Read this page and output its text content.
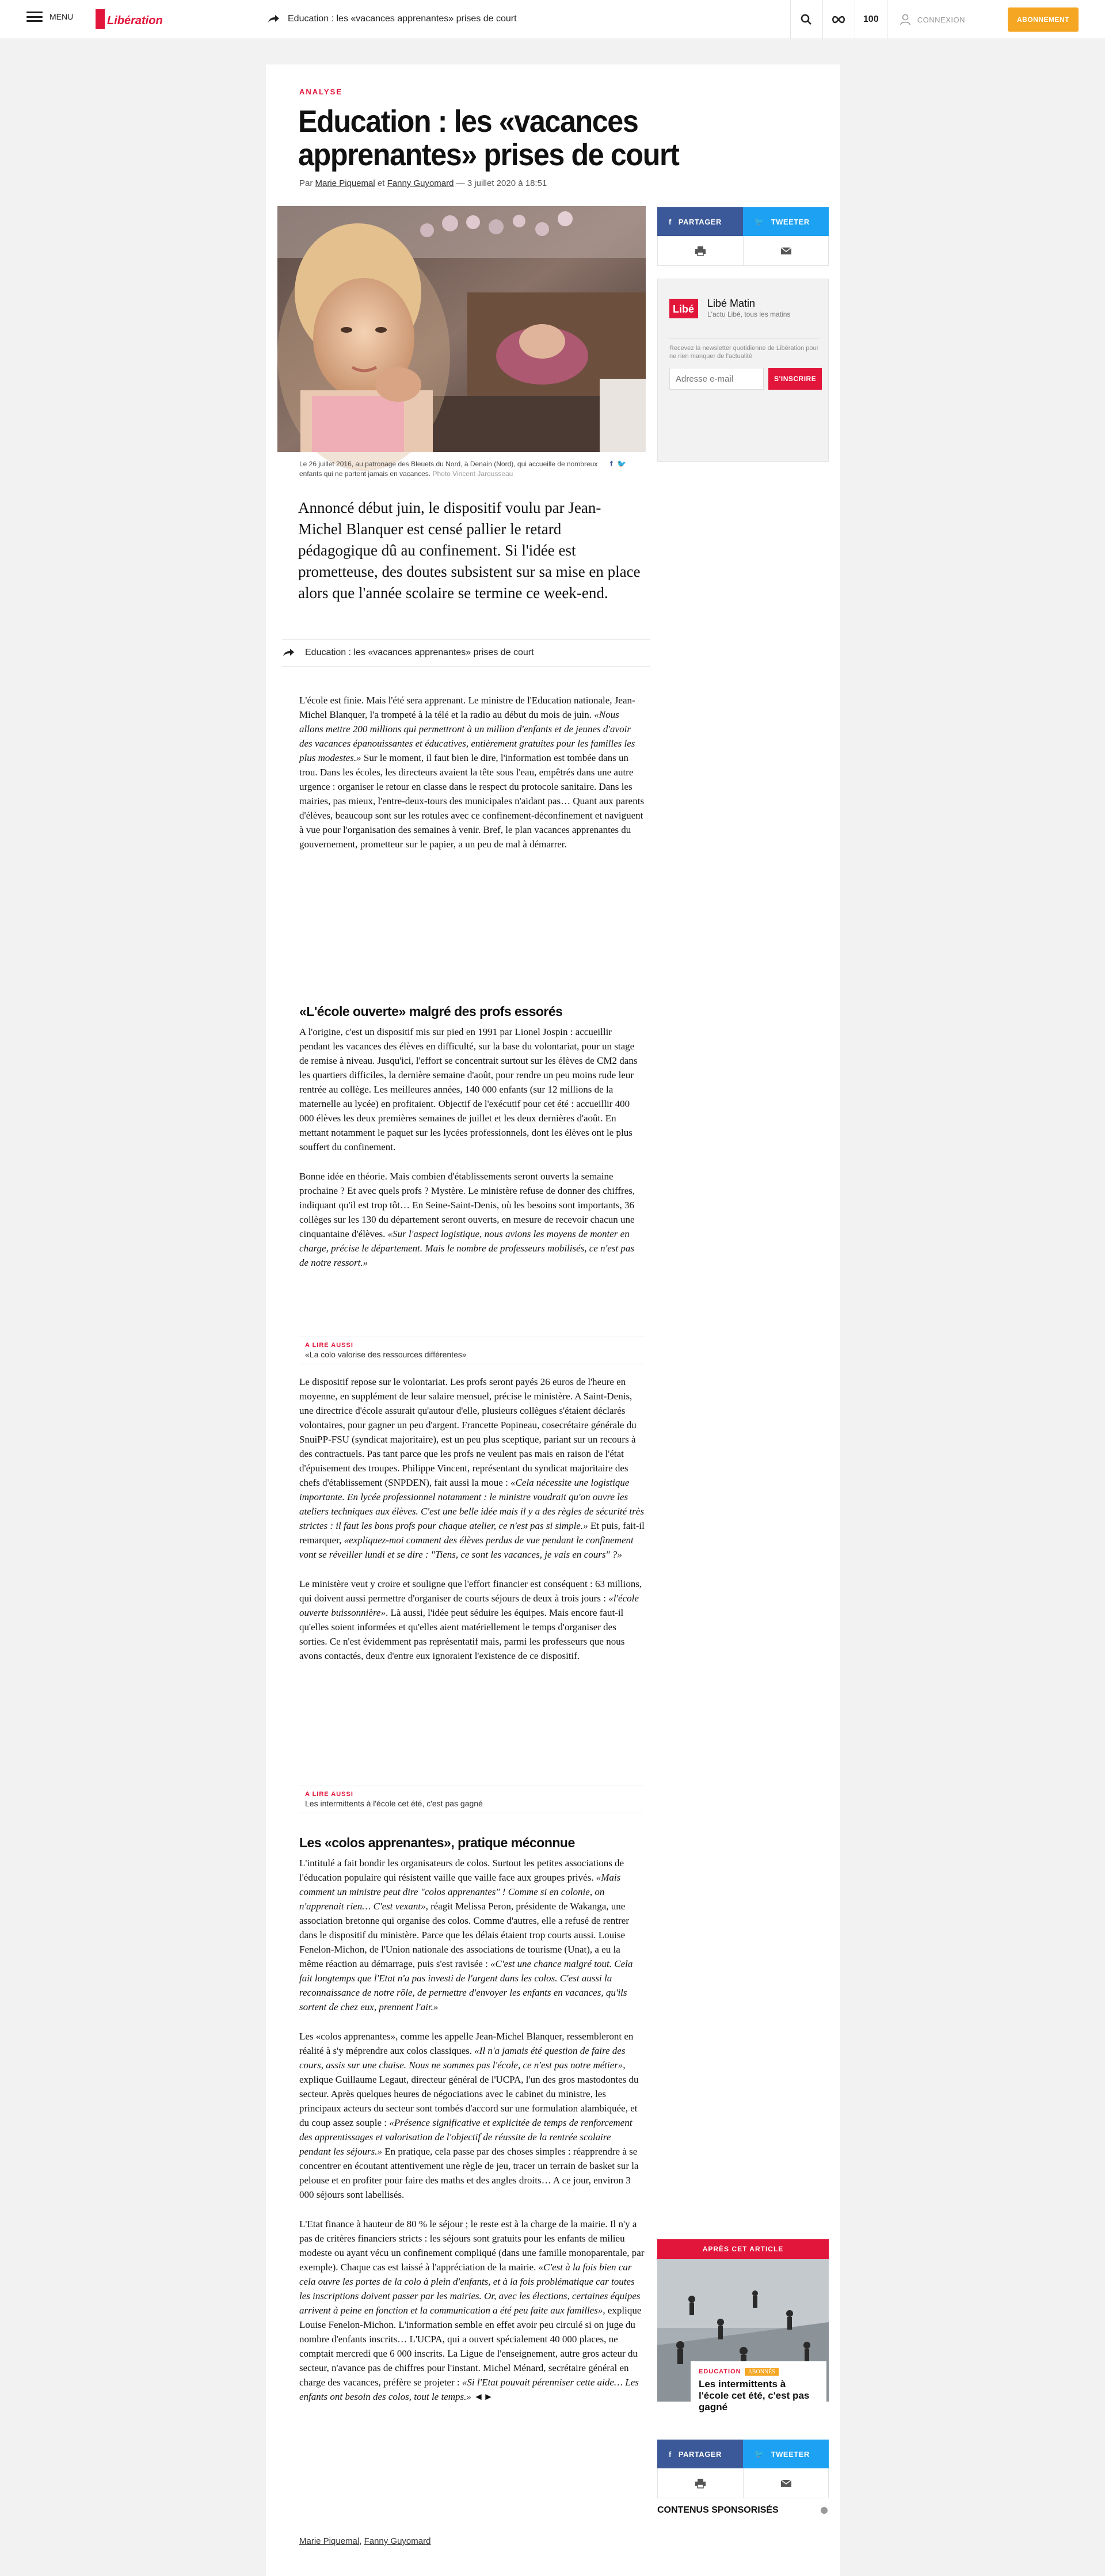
MENU	Libération	Education : les «vacances apprenantes» prises de court	100	CONNEXION	ABONNEMENT
ANALYSE
Education : les «vacances apprenantes» prises de court
Par Marie Piquemal et Fanny Guyomard — 3 juillet 2020 à 18:51
Le 26 juillet 2016, au patronage des Bleuets du Nord, à Denain (Nord), qui accueille de nombreux enfants qui ne partent jamais en vacances. Photo Vincent Jarousseau
f 🐦
Annoncé début juin, le dispositif voulu par Jean-Michel Blanquer est censé pallier le retard pédagogique dû au confinement. Si l'idée est prometteuse, des doutes subsistent sur sa mise en place alors que l'année scolaire se termine ce week-end.
Education : les «vacances apprenantes» prises de court

L'école est finie. Mais l'été sera apprenant. Le ministre de l'Education nationale, Jean-Michel Blanquer, l'a trompeté à la télé et la radio au début du mois de juin. «Nous allons mettre 200 millions qui permettront à un million d'enfants et de jeunes d'avoir des vacances épanouissantes et éducatives, entièrement gratuites pour les familles les plus modestes.» Sur le moment, il faut bien le dire, l'information est tombée dans un trou. Dans les écoles, les directeurs avaient la tête sous l'eau, empêtrés dans une autre urgence : organiser le retour en classe dans le respect du protocole sanitaire. Dans les mairies, pas mieux, l'entre-deux-tours des municipales n'aidant pas… Quant aux parents d'élèves, beaucoup sont sur les rotules avec ce confinement-déconfinement et naviguent à vue pour l'organisation des semaines à venir. Bref, le plan vacances apprenantes du gouvernement, prometteur sur le papier, a un peu de mal à démarrer.

«L'école ouverte» malgré des profs essorés

A l'origine, c'est un dispositif mis sur pied en 1991 par Lionel Jospin : accueillir pendant les vacances des élèves en difficulté, sur la base du volontariat, pour un stage de remise à niveau. Jusqu'ici, l'effort se concentrait surtout sur les élèves de CM2 dans les quartiers difficiles, la dernière semaine d'août, pour rendre un peu moins rude leur rentrée au collège. Les meilleures années, 140 000 enfants (sur 12 millions de la maternelle au lycée) en profitaient. Objectif de l'exécutif pour cet été : accueillir 400 000 élèves les deux premières semaines de juillet et les deux dernières d'août. En mettant notamment le paquet sur les lycées professionnels, dont les élèves ont le plus souffert du confinement.

Bonne idée en théorie. Mais combien d'établissements seront ouverts la semaine prochaine ? Et avec quels profs ? Mystère. Le ministère refuse de donner des chiffres, indiquant qu'il est trop tôt… En Seine-Saint-Denis, où les besoins sont importants, 36 collèges sur les 130 du département seront ouverts, en mesure de recevoir chacun une cinquantaine d'élèves. «Sur l'aspect logistique, nous avions les moyens de monter en charge, précise le département. Mais le nombre de professeurs mobilisés, ce n'est pas de notre ressort.»

A LIRE AUSSI
«La colo valorise des ressources différentes»

Le dispositif repose sur le volontariat. Les profs seront payés 26 euros de l'heure en moyenne, en supplément de leur salaire mensuel, précise le ministère. A Saint-Denis, une directrice d'école assurait qu'autour d'elle, plusieurs collègues s'étaient déclarés volontaires, pour gagner un peu d'argent. Francette Popineau, cosecrétaire générale du SnuiPP-FSU (syndicat majoritaire), est un peu plus sceptique, pariant sur un recours à des contractuels. Pas tant parce que les profs ne veulent pas mais en raison de l'état d'épuisement des troupes. Philippe Vincent, représentant du syndicat majoritaire des chefs d'établissement (SNPDEN), fait aussi la moue : «Cela nécessite une logistique importante. En lycée professionnel notamment : le ministre voudrait qu'on ouvre les ateliers techniques aux élèves. C'est une belle idée mais il y a des règles de sécurité très strictes : il faut les bons profs pour chaque atelier, ce n'est pas si simple.» Et puis, fait-il remarquer, «expliquez-moi comment des élèves perdus de vue pendant le confinement vont se réveiller lundi et se dire : "Tiens, ce sont les vacances, je vais en cours" ?»

Le ministère veut y croire et souligne que l'effort financier est conséquent : 63 millions, qui doivent aussi permettre d'organiser de courts séjours de deux à trois jours : «l'école ouverte buissonnière». Là aussi, l'idée peut séduire les équipes. Mais encore faut-il qu'elles soient informées et qu'elles aient matériellement le temps d'organiser des sorties. Ce n'est évidemment pas représentatif mais, parmi les professeurs que nous avons contactés, deux d'entre eux ignoraient l'existence de ce dispositif.

A LIRE AUSSI
Les intermittents à l'école cet été, c'est pas gagné
Les «colos apprenantes», pratique méconnue

L'intitulé a fait bondir les organisateurs de colos. Surtout les petites associations de l'éducation populaire qui résistent vaille que vaille face aux groupes privés. «Mais comment un ministre peut dire "colos apprenantes" ! Comme si en colonie, on n'apprenait rien… C'est vexant», réagit Melissa Peron, présidente de Wakanga, une association bretonne qui organise des colos. Comme d'autres, elle a refusé de rentrer dans le dispositif du ministère. Parce que les délais étaient trop courts aussi. Louise Fenelon-Michon, de l'Union nationale des associations de tourisme (Unat), a eu la même réaction au démarrage, puis s'est ravisée : «C'est une chance malgré tout. Cela fait longtemps que l'Etat n'a pas investi de l'argent dans les colos. C'est aussi la reconnaissance de notre rôle, de permettre d'envoyer les enfants en vacances, qu'ils sortent de chez eux, prennent l'air.»

Les «colos apprenantes», comme les appelle Jean-Michel Blanquer, ressembleront en réalité à s'y méprendre aux colos classiques. «Il n'a jamais été question de faire des cours, assis sur une chaise. Nous ne sommes pas l'école, ce n'est pas notre métier», explique Guillaume Legaut, directeur général de l'UCPA, l'un des gros mastodontes du secteur. Après quelques heures de négociations avec le cabinet du ministre, les principaux acteurs du secteur sont tombés d'accord sur une formulation alambiquée, et du coup assez souple : «Présence significative et explicitée de temps de renforcement des apprentissages et valorisation de l'objectif de réussite de la rentrée scolaire pendant les séjours.» En pratique, cela passe par des choses simples : réapprendre à se concentrer en écoutant attentivement une règle de jeu, tracer un terrain de basket sur la pelouse et en profiter pour faire des maths et des angles droits… A ce jour, environ 3 000 séjours sont labellisés.

L'Etat finance à hauteur de 80 % le séjour ; le reste est à la charge de la mairie. Il n'y a pas de critères financiers stricts : les séjours sont gratuits pour les enfants de milieu modeste ou ayant vécu un confinement compliqué (dans une famille monoparentale, par exemple). Chaque cas est laissé à l'appréciation de la mairie. «C'est à la fois bien car cela ouvre les portes de la colo à plein d'enfants, et à la fois problématique car toutes les inscriptions doivent passer par les mairies. Or, avec les élections, certaines équipes arrivent à peine en fonction et la communication a été peu faite aux familles», explique Louise Fenelon-Michon. L'information semble en effet avoir peu circulé si on juge du nombre d'enfants inscrits… L'UCPA, qui a ouvert spécialement 40 000 places, ne comptait mercredi que 6 000 inscrits. La Ligue de l'enseignement, autre gros acteur du secteur, n'avance pas de chiffres pour l'instant. Michel Ménard, secrétaire général en charge des vacances, préfère se projeter : «Si l'Etat pouvait pérenniser cette aide… Les enfants ont besoin des colos, tout le temps.» ◄►

Marie Piquemal, Fanny Guyomard
f PARTAGER	🐦 TWEETER
Libé Libé Matin
L'actu Libé, tous les matins
Recevez la newsletter quotidienne de Libération pour ne rien manquer de l'actualité
Adresse e-mail
S'INSCRIRE
APRÈS CET ARTICLE
EDUCATION ABONNÉS
Les intermittents à l'école cet été, c'est pas gagné
f PARTAGER	🐦 TWEETER
CONTENUS SPONSORISÉS
